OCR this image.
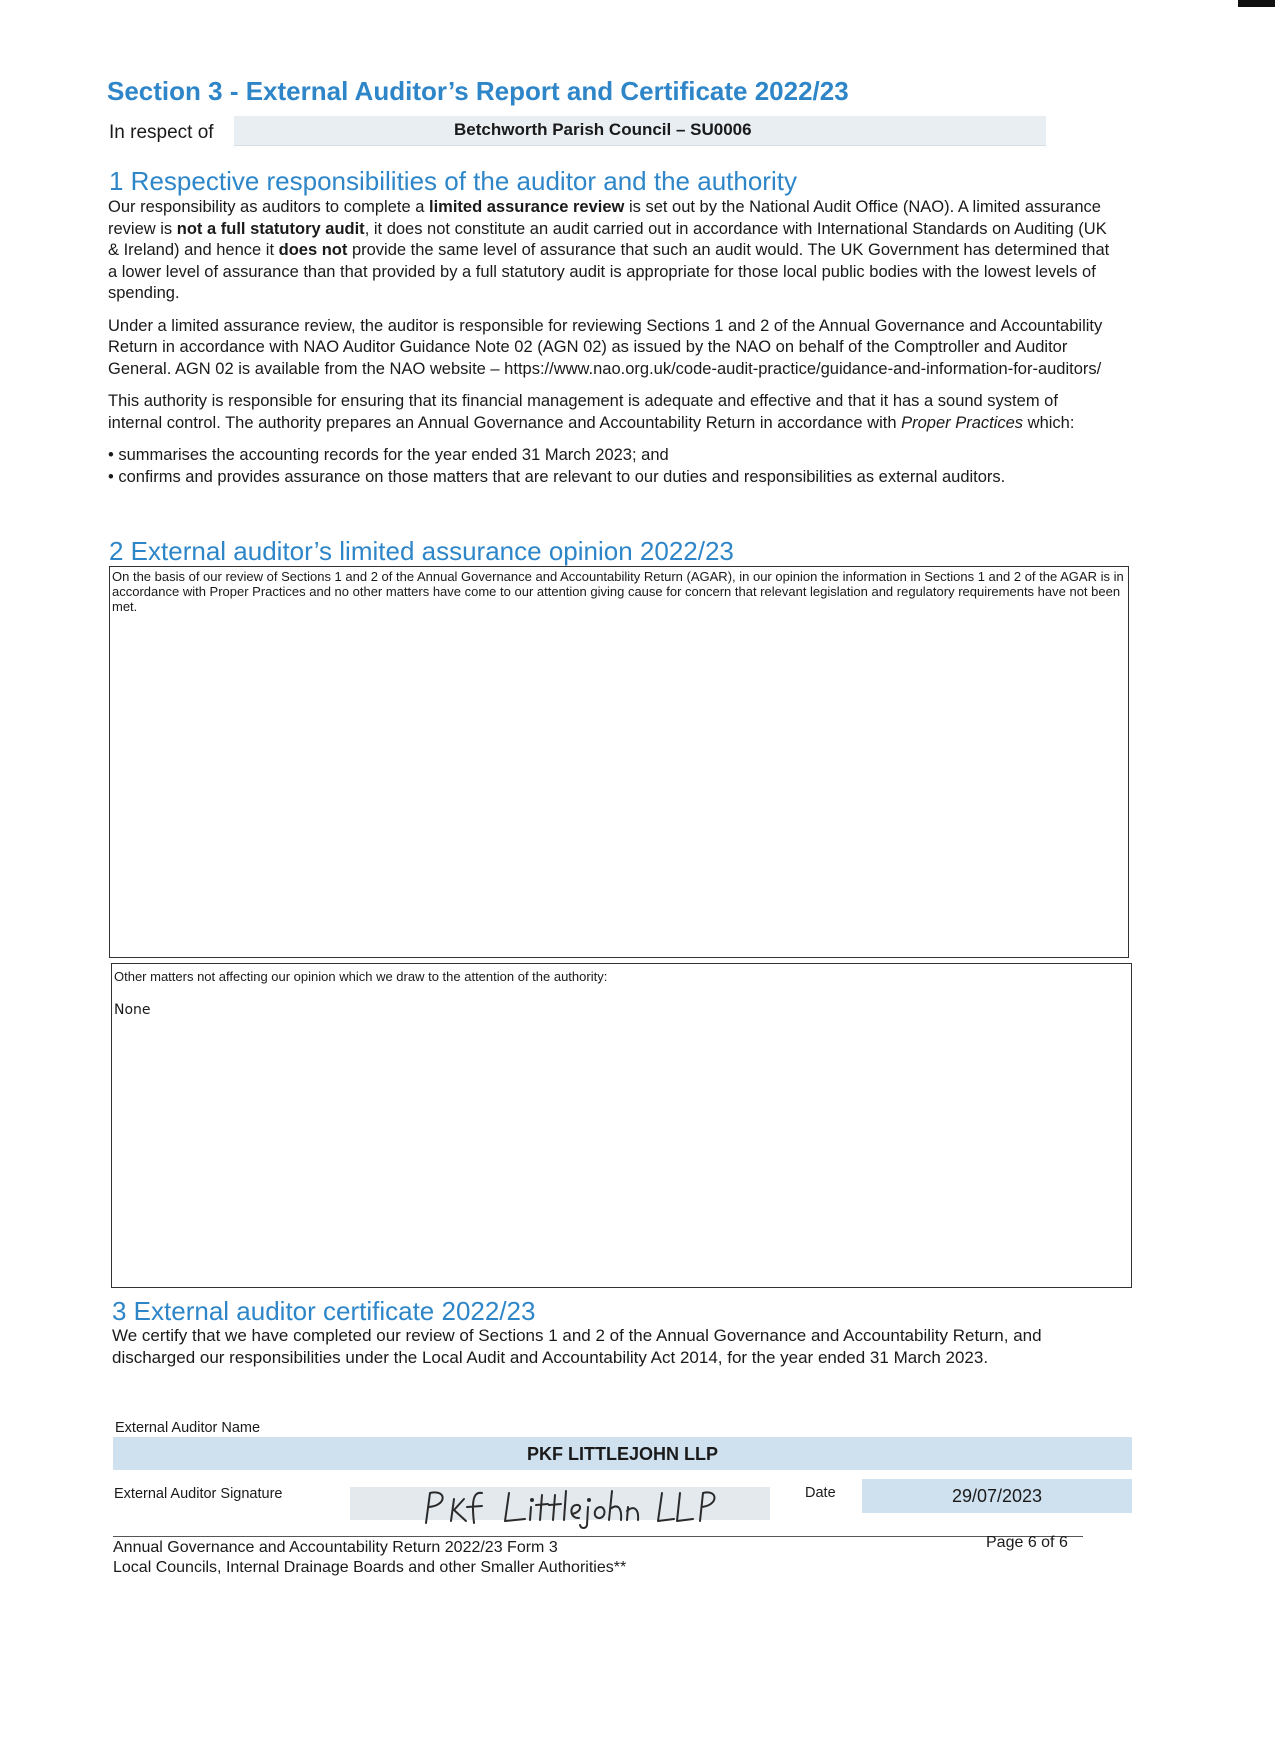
Section 3 - External Auditor’s Report and Certificate 2022/23
In respect of	Betchworth Parish Council – SU0006
1 Respective responsibilities of the auditor and the authority

Our responsibility as auditors to complete a limited assurance review is set out by the National Audit Office (NAO). A limited assurance review is not a full statutory audit, it does not constitute an audit carried out in accordance with International Standards on Auditing (UK & Ireland) and hence it does not provide the same level of assurance that such an audit would. The UK Government has determined that a lower level of assurance than that provided by a full statutory audit is appropriate for those local public bodies with the lowest levels of spending.

Under a limited assurance review, the auditor is responsible for reviewing Sections 1 and 2 of the Annual Governance and Accountability Return in accordance with NAO Auditor Guidance Note 02 (AGN 02) as issued by the NAO on behalf of the Comptroller and Auditor General. AGN 02 is available from the NAO website – https://www.nao.org.uk/code-audit-practice/guidance-and-information-for-auditors/

This authority is responsible for ensuring that its financial management is adequate and effective and that it has a sound system of internal control. The authority prepares an Annual Governance and Accountability Return in accordance with Proper Practices which:

• summarises the accounting records for the year ended 31 March 2023; and

• confirms and provides assurance on those matters that are relevant to our duties and responsibilities as external auditors.

2 External auditor’s limited assurance opinion 2022/23
On the basis of our review of Sections 1 and 2 of the Annual Governance and Accountability Return (AGAR), in our opinion the information in Sections 1 and 2 of the AGAR is in accordance with Proper Practices and no other matters have come to our attention giving cause for concern that relevant legislation and regulatory requirements have not been met.
Other matters not affecting our opinion which we draw to the attention of the authority:
None
3 External auditor certificate 2022/23
We certify that we have completed our review of Sections 1 and 2 of the Annual Governance and Accountability Return, and discharged our responsibilities under the Local Audit and Accountability Act 2014, for the year ended 31 March 2023.
External Auditor Name
PKF LITTLEJOHN LLP
External Auditor Signature	Date	29/07/2023
Annual Governance and Accountability Return 2022/23 Form 3
Local Councils, Internal Drainage Boards and other Smaller Authorities**
Page 6 of 6
